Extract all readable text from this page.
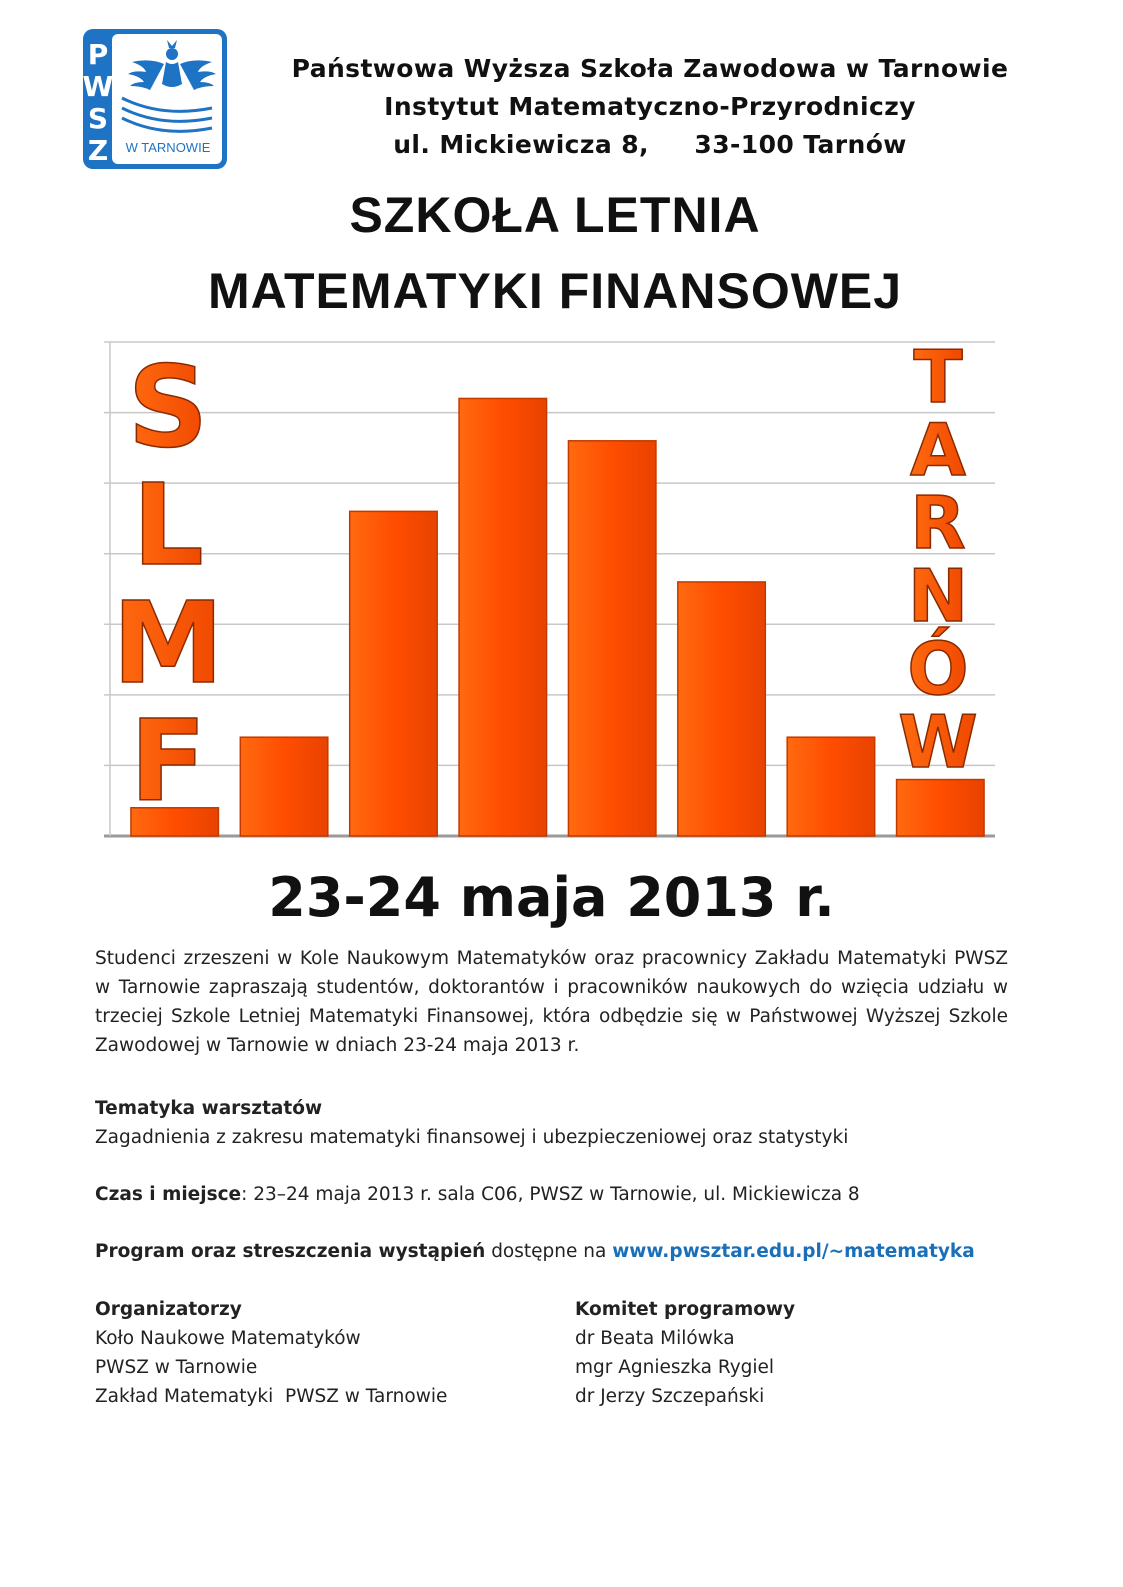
P
W
S
Z W TARNOWIE
Państwowa Wyższa Szkoła Zawodowa w Tarnowie
Instytut Matematyczno-Przyrodniczy
ul. Mickiewicza 8,     33-100 Tarnów
SZKOŁA LETNIA
MATEMATYKI FINANSOWEJ
S
L
M
F
T
A
R
N
Ó
W
23-24 maja 2013 r.

Studenci zrzeszeni w Kole Naukowym Matematyków oraz pracownicy Zakładu Matematyki PWSZ w Tarnowie zapraszają studentów, doktorantów i pracowników naukowych do wzięcia udziału w trzeciej Szkole Letniej Matematyki Finansowej, która odbędzie się w Państwowej Wyższej Szkole Zawodowej w Tarnowie w dniach 23-24 maja 2013 r.

Tematyka warsztatów
Zagadnienia z zakresu matematyki finansowej i ubezpieczeniowej oraz statystyki
Czas i miejsce: 23–24 maja 2013 r. sala C06, PWSZ w Tarnowie, ul. Mickiewicza 8
Program oraz streszczenia wystąpień dostępne na www.pwsztar.edu.pl/~matematyka
Organizatorzy
Koło Naukowe Matematyków
PWSZ w Tarnowie
Zakład Matematyki  PWSZ w Tarnowie
Komitet programowy
dr Beata Milówka
mgr Agnieszka Rygiel
dr Jerzy Szczepański
